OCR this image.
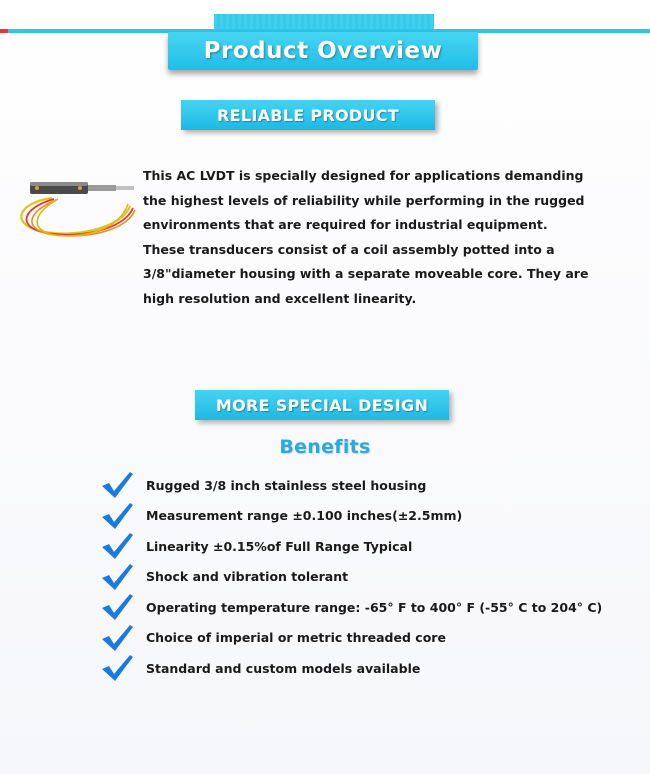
Product Overview
RELIABLE PRODUCT
This AC LVDT is specially designed for applications demanding the highest levels of reliability while performing in the rugged environments that are required for industrial equipment. These transducers consist of a coil assembly potted into a 3/8"diameter housing with a separate moveable core. They are high resolution and excellent linearity.
MORE SPECIAL DESIGN
Benefits
Rugged 3/8 inch stainless steel housing
Measurement range ±0.100 inches(±2.5mm)
Linearity ±0.15%of Full Range Typical
Shock and vibration tolerant
Operating temperature range: -65° F to 400° F (-55° C to 204° C)
Choice of imperial or metric threaded core
Standard and custom models available
